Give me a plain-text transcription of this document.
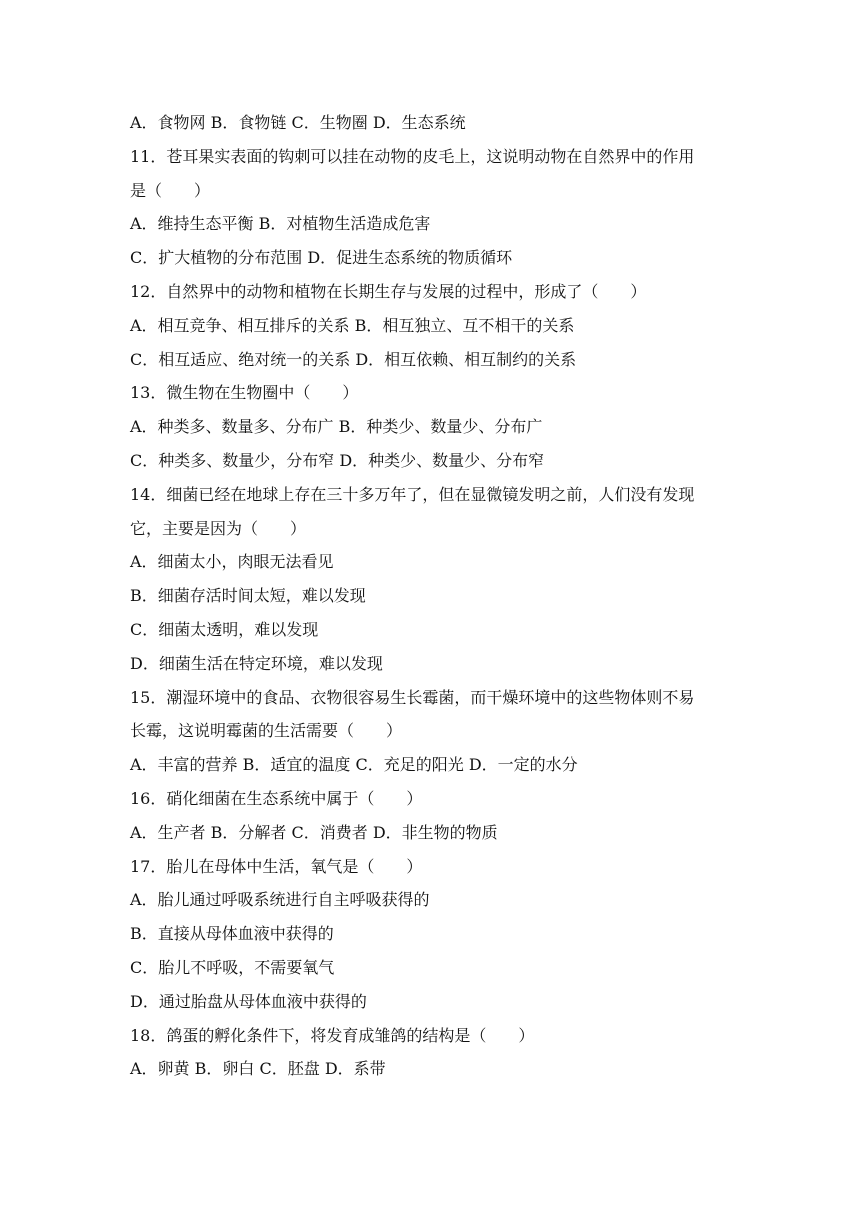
A．食物网 B．食物链 C．生物圈 D．生态系统
11．苍耳果实表面的钩刺可以挂在动物的皮毛上，这说明动物在自然界中的作用
是（　　）
A．维持生态平衡 B．对植物生活造成危害
C．扩大植物的分布范围 D．促进生态系统的物质循环
12．自然界中的动物和植物在长期生存与发展的过程中，形成了（　　）
A．相互竞争、相互排斥的关系 B．相互独立、互不相干的关系
C．相互适应、绝对统一的关系 D．相互依赖、相互制约的关系
13．微生物在生物圈中（　　）
A．种类多、数量多、分布广 B．种类少、数量少、分布广
C．种类多、数量少，分布窄 D．种类少、数量少、分布窄
14．细菌已经在地球上存在三十多万年了，但在显微镜发明之前，人们没有发现
它，主要是因为（　　）
A．细菌太小，肉眼无法看见
B．细菌存活时间太短，难以发现
C．细菌太透明，难以发现
D．细菌生活在特定环境，难以发现
15．潮湿环境中的食品、衣物很容易生长霉菌，而干燥环境中的这些物体则不易
长霉，这说明霉菌的生活需要（　　）
A．丰富的营养 B．适宜的温度 C．充足的阳光 D．一定的水分
16．硝化细菌在生态系统中属于（　　）
A．生产者 B．分解者 C．消费者 D．非生物的物质
17．胎儿在母体中生活，氧气是（　　）
A．胎儿通过呼吸系统进行自主呼吸获得的
B．直接从母体血液中获得的
C．胎儿不呼吸，不需要氧气
D．通过胎盘从母体血液中获得的
18．鸽蛋的孵化条件下，将发育成雏鸽的结构是（　　）
A．卵黄 B．卵白 C．胚盘 D．系带
